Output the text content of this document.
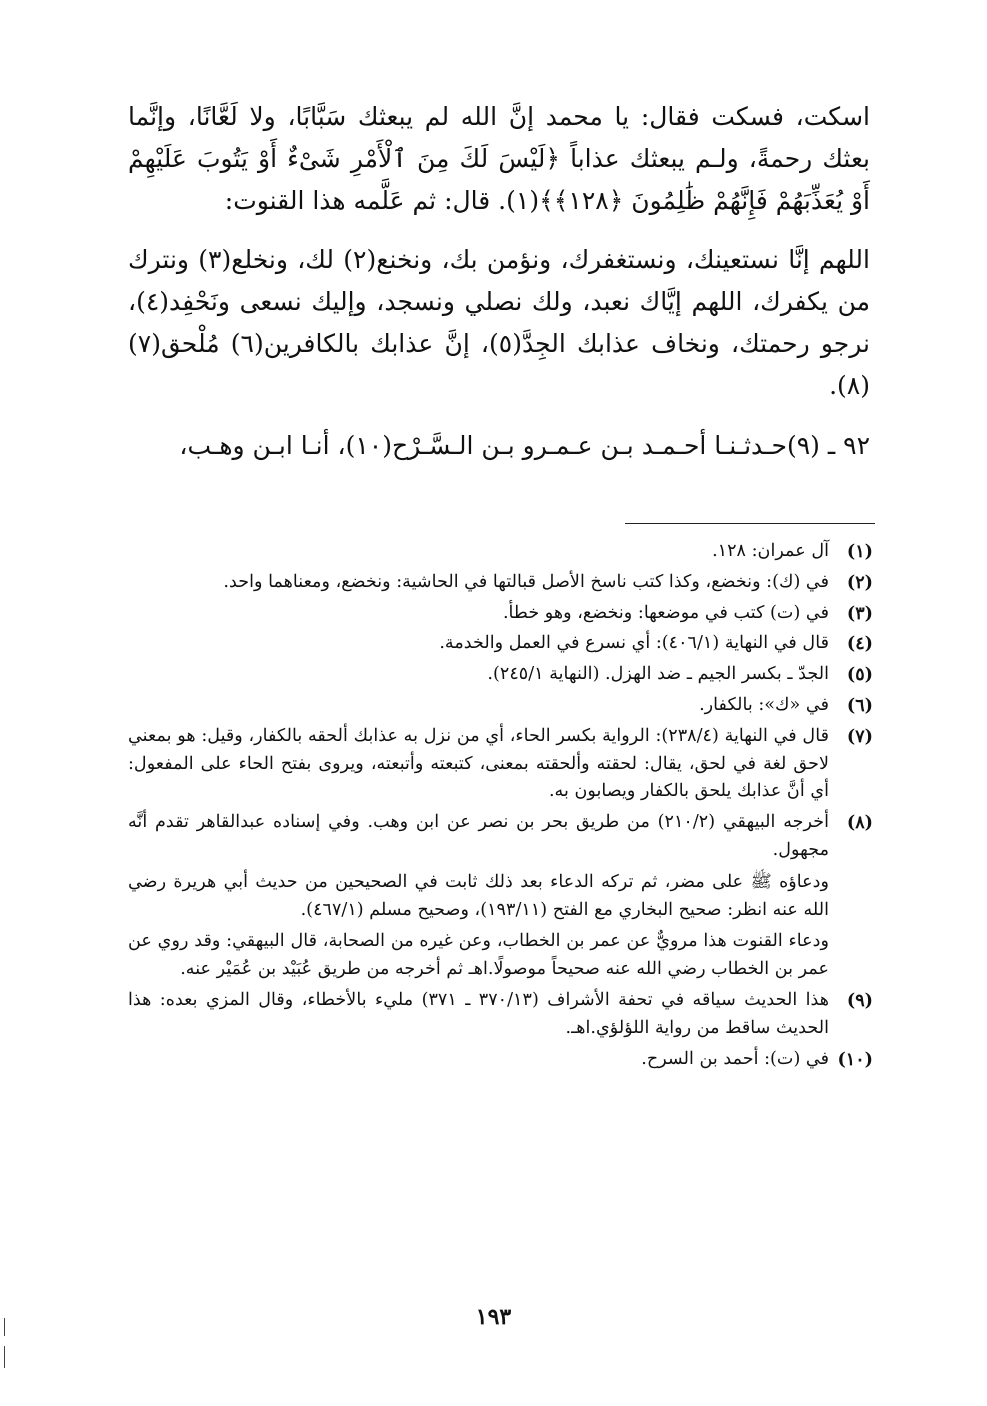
اسكت، فسكت فقال: يا محمد إنَّ الله لم يبعثك سَبَّابًا، ولا لَعَّانًا، وإنَّما بعثك رحمةً، ولـم يبعثك عذاباً ﴿لَيْسَ لَكَ مِنَ ٱلْأَمْرِ شَىْءٌ أَوْ يَتُوبَ عَلَيْهِمْ أَوْ يُعَذِّبَهُمْ فَإِنَّهُمْ ظَٰلِمُونَ ﴿١٢٨﴾﴾(١). قال: ثم عَلَّمه هذا القنوت:

اللهم إنَّا نستعينك، ونستغفرك، ونؤمن بك، ونخنع(٢) لك، ونخلع(٣) ونترك من يكفرك، اللهم إيَّاك نعبد، ولك نصلي ونسجد، وإليك نسعى ونَحْفِد(٤)، نرجو رحمتك، ونخاف عذابك الجِدَّ(٥)، إنَّ عذابك بالكافرين(٦) مُلْحق(٧)(٨).

٩٢ ـ (٩)حـدثـنـا أحـمـد بـن عـمـرو بـن الـسَّـرْح(١٠)، أنـا ابـن وهـب،

(١)
آل عمران: ١٢٨.
(٢)
في (ك): ونخضع، وكذا كتب ناسخ الأصل قبالتها في الحاشية: ونخضع، ومعناهما واحد.
(٣)
في (ت) كتب في موضعها: ونخضع، وهو خطأ.
(٤)
قال في النهاية (٤٠٦/١): أي نسرع في العمل والخدمة.
(٥)
الجدّ ـ بكسر الجيم ـ ضد الهزل. (النهاية ٢٤٥/١).
(٦)
في «ك»: بالكفار.
(٧)
قال في النهاية (٢٣٨/٤): الرواية بكسر الحاء، أي من نزل به عذابك ألحقه بالكفار، وقيل: هو بمعني لاحق لغة في لحق، يقال: لحقته وألحقته بمعنى، كتبعته وأتبعته، ويروى بفتح الحاء على المفعول: أي أنَّ عذابك يلحق بالكفار ويصابون به.
(٨)
أخرجه البيهقي (٢١٠/٢) من طريق بحر بن نصر عن ابن وهب. وفي إسناده عبدالقاهر تقدم أنَّه مجهول.
ودعاؤه ﷺ على مضر، ثم تركه الدعاء بعد ذلك ثابت في الصحيحين من حديث أبي هريرة رضي الله عنه انظر: صحيح البخاري مع الفتح (١٩٣/١١)، وصحيح مسلم (٤٦٧/١).
ودعاء القنوت هذا مرويٌّ عن عمر بن الخطاب، وعن غيره من الصحابة، قال البيهقي: وقد روي عن عمر بن الخطاب رضي الله عنه صحيحاً موصولًا.اهـ ثم أخرجه من طريق عُبَيْد بن عُمَيْر عنه.
(٩)
هذا الحديث سياقه في تحفة الأشراف (٣٧٠/١٣ ـ ٣٧١) مليء بالأخطاء، وقال المزي بعده: هذا الحديث ساقط من رواية اللؤلؤي.اهـ.
(١٠)
في (ت): أحمد بن السرح.
١٩٣
